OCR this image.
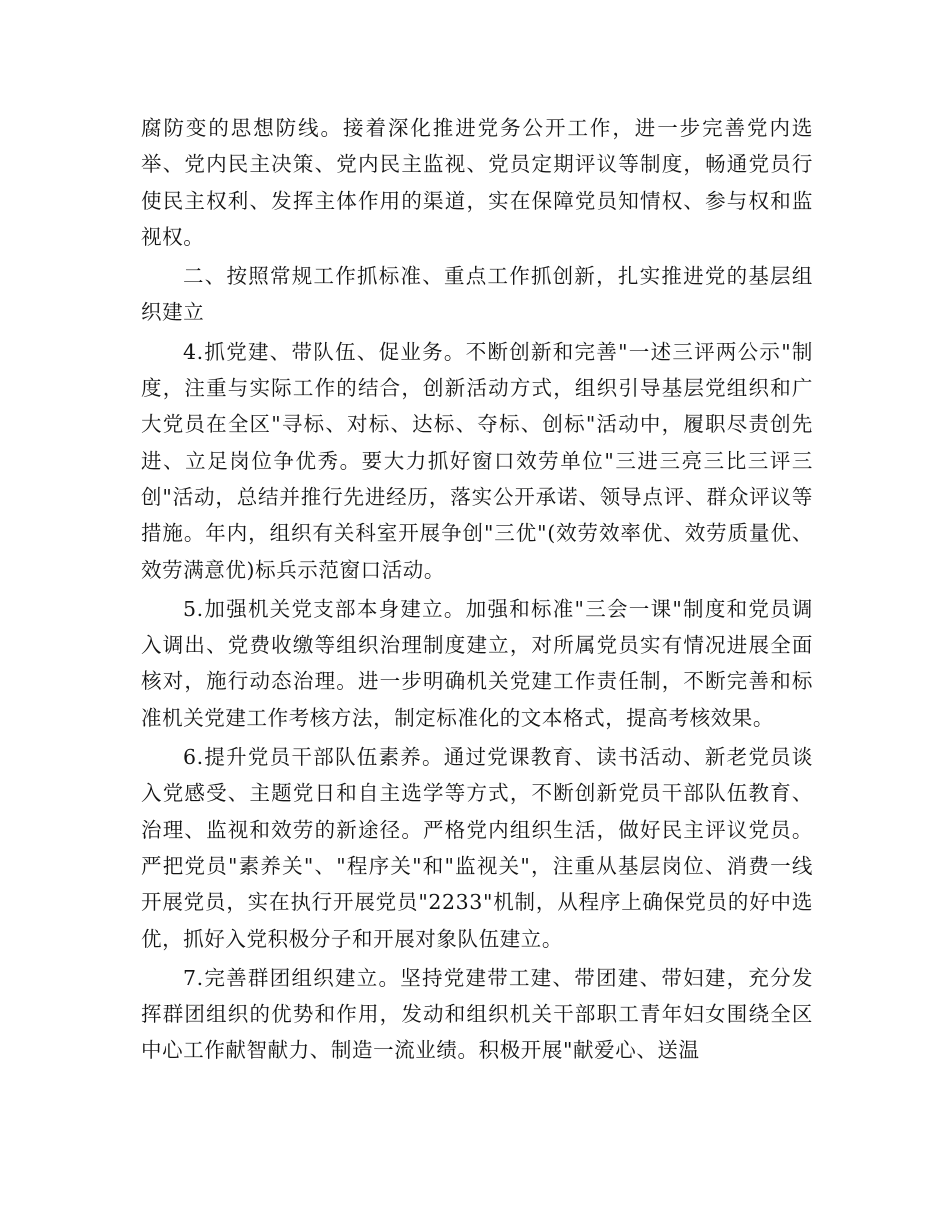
腐防变的思想防线。接着深化推进党务公开工作，进一步完善党内选举、党内民主决策、党内民主监视、党员定期评议等制度，畅通党员行使民主权利、发挥主体作用的渠道，实在保障党员知情权、参与权和监视权。

二、按照常规工作抓标准、重点工作抓创新，扎实推进党的基层组织建立

4.抓党建、带队伍、促业务。不断创新和完善"一述三评两公示"制度，注重与实际工作的结合，创新活动方式，组织引导基层党组织和广大党员在全区"寻标、对标、达标、夺标、创标"活动中，履职尽责创先进、立足岗位争优秀。要大力抓好窗口效劳单位"三进三亮三比三评三创"活动，总结并推行先进经历，落实公开承诺、领导点评、群众评议等措施。年内，组织有关科室开展争创"三优"(效劳效率优、效劳质量优、效劳满意优)标兵示范窗口活动。

5.加强机关党支部本身建立。加强和标准"三会一课"制度和党员调入调出、党费收缴等组织治理制度建立，对所属党员实有情况进展全面核对，施行动态治理。进一步明确机关党建工作责任制，不断完善和标准机关党建工作考核方法，制定标准化的文本格式，提高考核效果。

6.提升党员干部队伍素养。通过党课教育、读书活动、新老党员谈入党感受、主题党日和自主选学等方式，不断创新党员干部队伍教育、治理、监视和效劳的新途径。严格党内组织生活，做好民主评议党员。严把党员"素养关"、"程序关"和"监视关"，注重从基层岗位、消费一线开展党员，实在执行开展党员"2233"机制，从程序上确保党员的好中选优，抓好入党积极分子和开展对象队伍建立。

7.完善群团组织建立。坚持党建带工建、带团建、带妇建，充分发挥群团组织的优势和作用，发动和组织机关干部职工青年妇女围绕全区中心工作献智献力、制造一流业绩。积极开展"献爱心、送温
